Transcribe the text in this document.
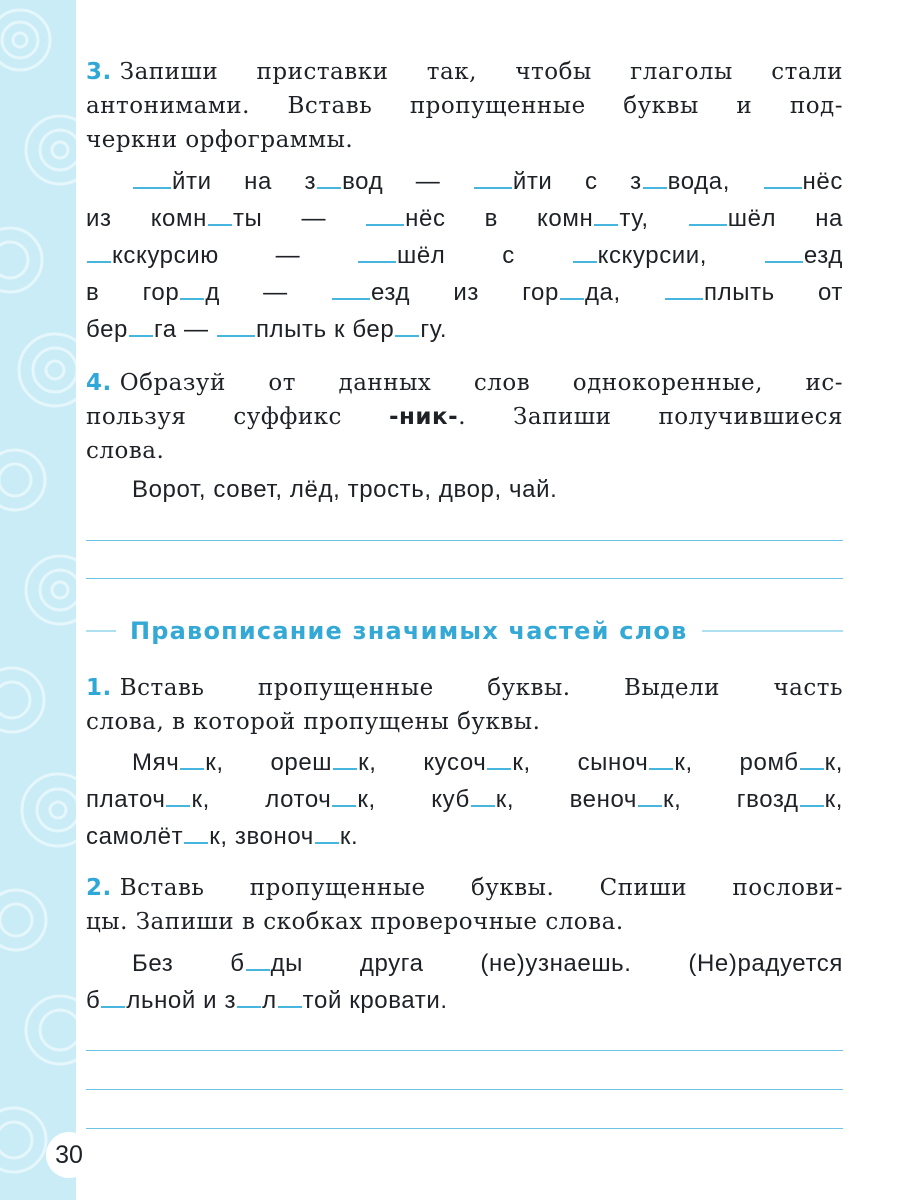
3. Запиши приставки так, чтобы глаголы стали
антонимами. Вставь пропущенные буквы и под-

черкни орфограммы.

йти на з вод —	йти с з вода,	нёс
из комн ты —	нёс в комн ту,	шёл на
кскурсию —	шёл с	кскурсии,	езд
в гор д —	езд из гор да,	плыть от
бер га — плыть к бер гу.

4. Образуй от данных слов однокоренные, ис-
пользуя суффикс -ник-. Запиши получившиеся

слова.

Ворот, совет, лёд, трость, двор, чай.
Правописание значимых частей слов

1. Вставь пропущенные буквы. Выдели часть

слова, в которой пропущены буквы.

Мяч к, ореш к, кусоч к, сыноч к, ромб к,
платоч к, лоточ к, куб к, веноч к, гвозд к,
самолёт к, звоноч к.

2. Вставь пропущенные буквы. Спиши послови-

цы. Запиши в скобках проверочные слова.

Без б ды друга (не)узнаешь. (Не)радуется
б льной и з л той кровати.
30
